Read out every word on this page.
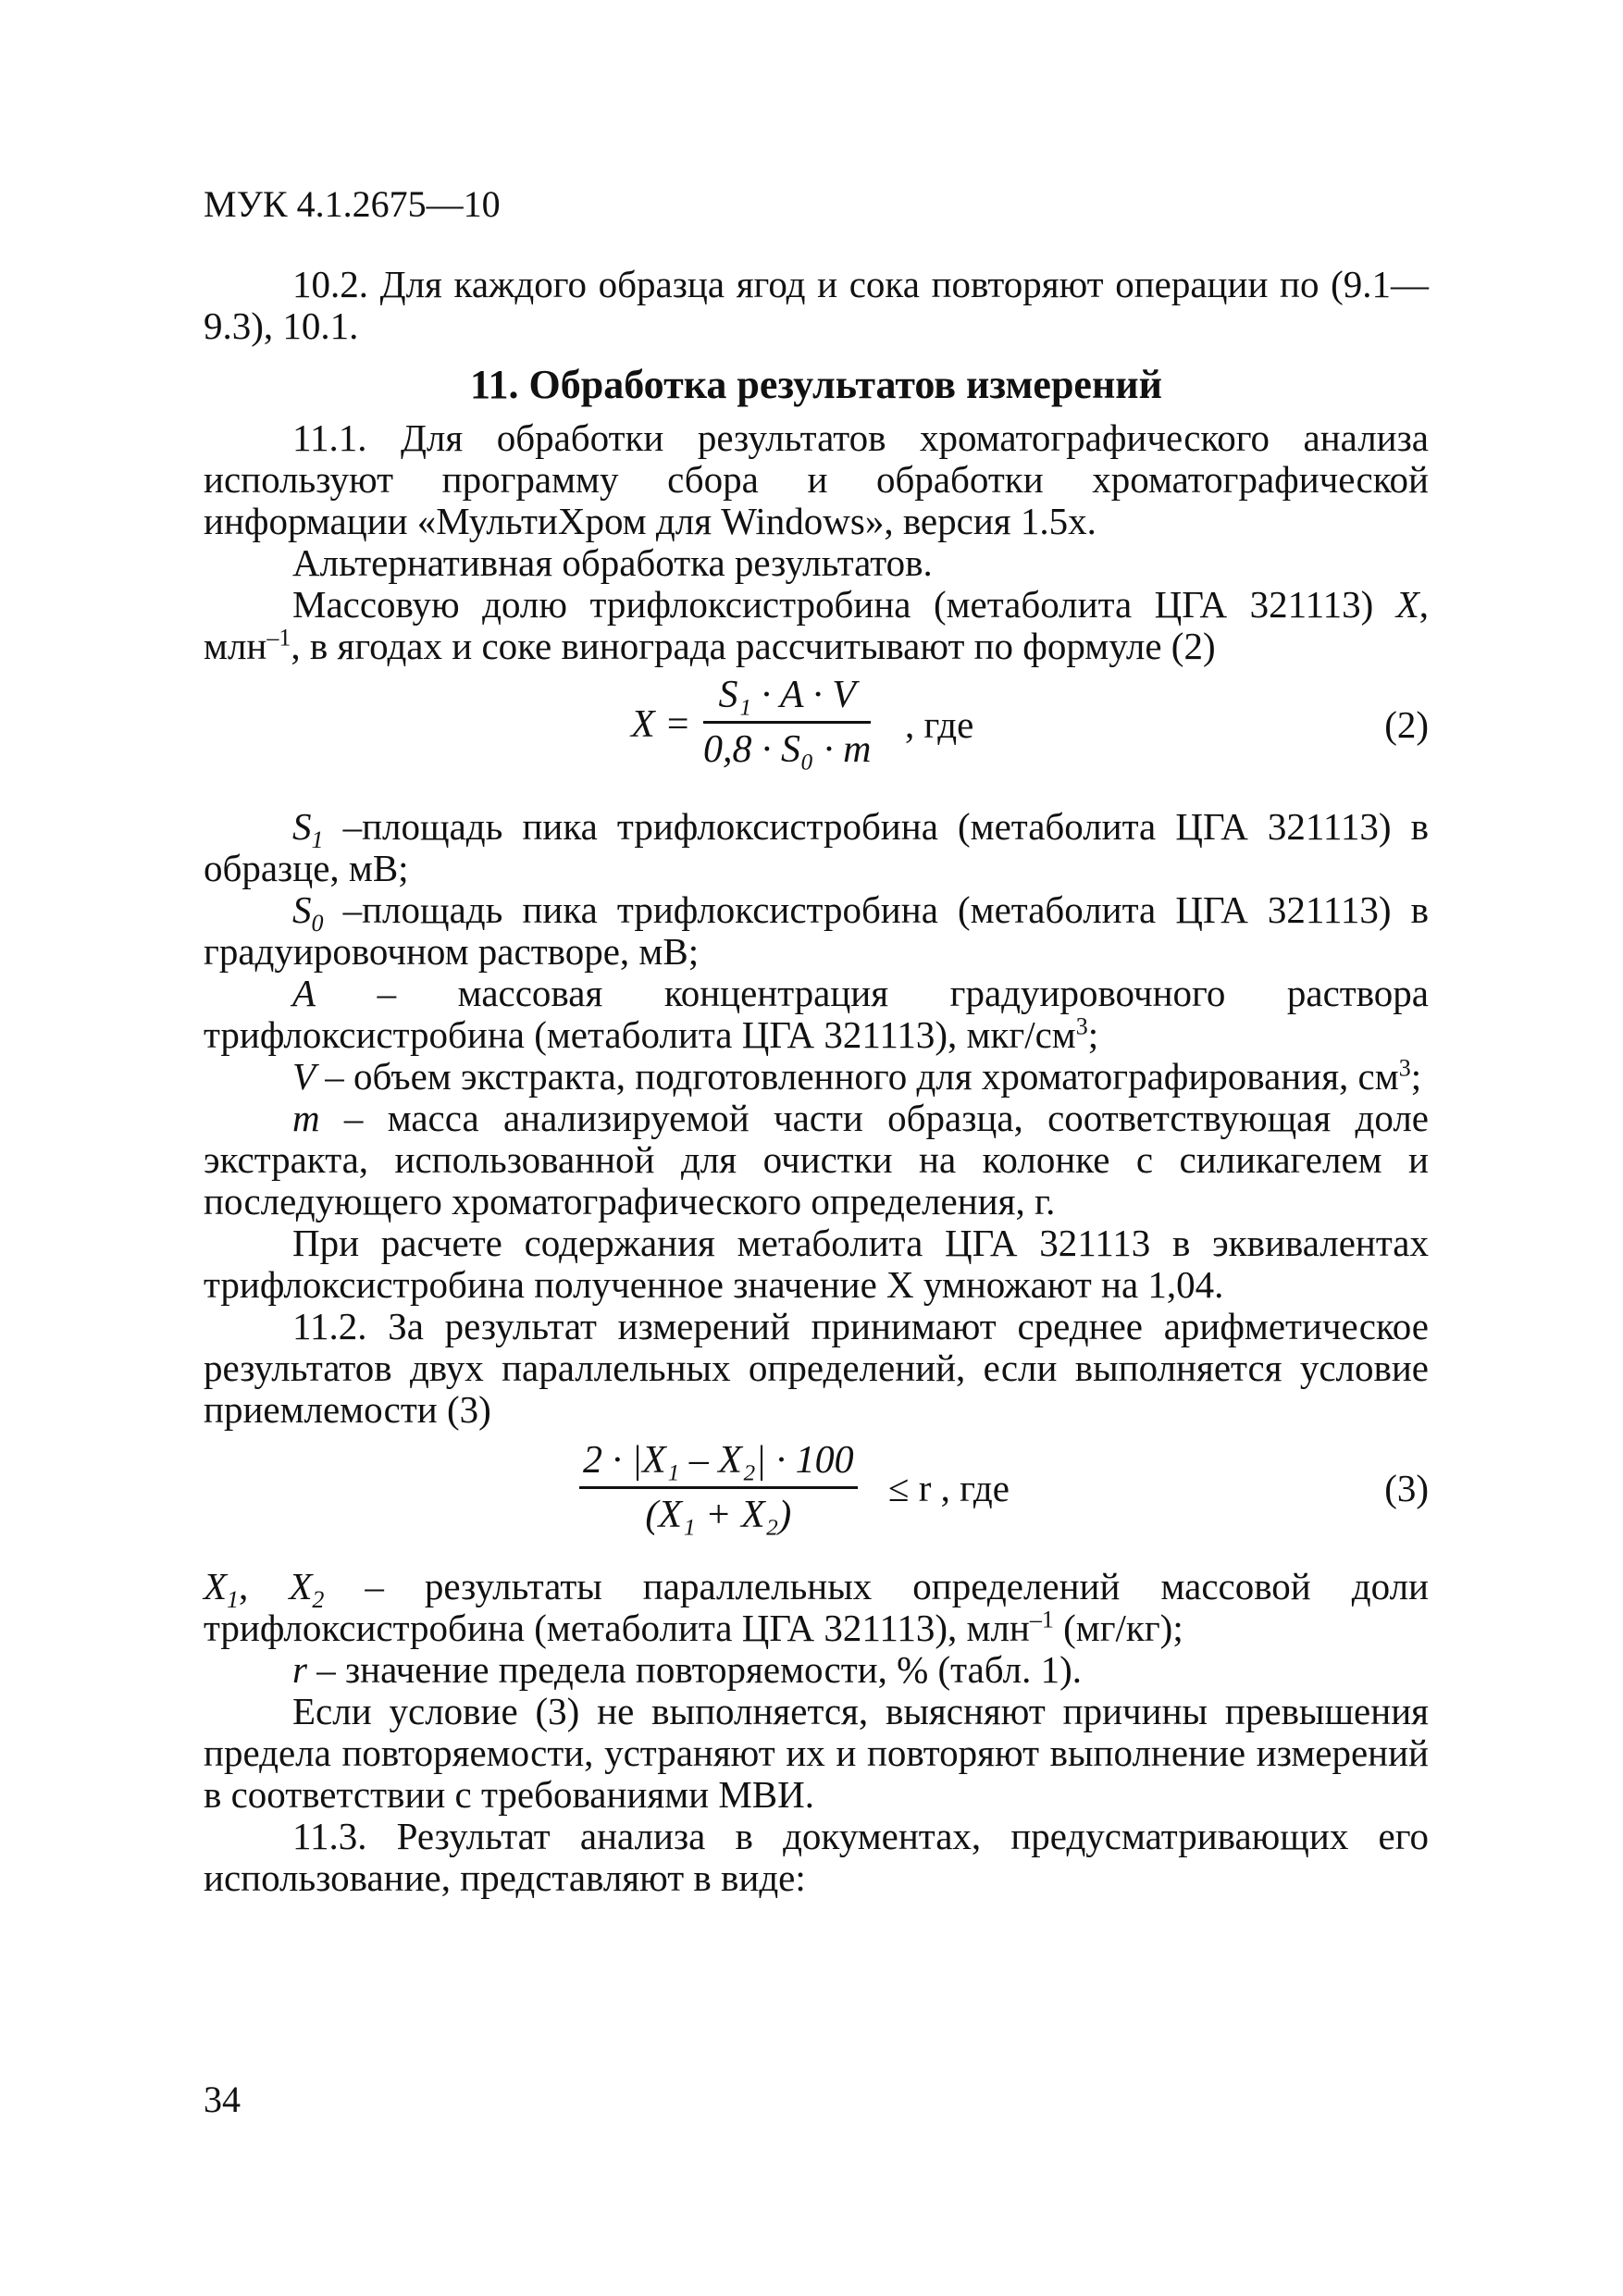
МУК 4.1.2675—10

10.2. Для каждого образца ягод и сока повторяют операции по (9.1—9.3), 10.1.

11. Обработка результатов измерений

11.1. Для обработки результатов хроматографического анализа используют программу сбора и обработки хроматографической информации «МультиХром для Windows», версия 1.5x.

Альтернативная обработка результатов.

Массовую долю трифлоксистробина (метаболита ЦГА 321113) X, млн$^{-1}$, в ягодах и соке винограда рассчитывают по формуле (2)

X =
S₁ · A · V
0,8 · S₀ · m
, где	(2)

$S_1$ –площадь пика трифлоксистробина (метаболита ЦГА 321113) в образце, мВ;

$S_0$ –площадь пика трифлоксистробина (метаболита ЦГА 321113) в градуировочном растворе, мВ;

A – массовая концентрация градуировочного раствора трифлоксистробина (метаболита ЦГА 321113), мкг/$см^3$;

V – объем экстракта, подготовленного для хроматографирования, $см^3$;

m – масса анализируемой части образца, соответствующая доле экстракта, использованной для очистки на колонке с силикагелем и последующего хроматографического определения, г.

При расчете содержания метаболита ЦГА 321113 в эквивалентах трифлоксистробина полученное значение X умножают на 1,04.

11.2. За результат измерений принимают среднее арифметическое результатов двух параллельных определений, если выполняется условие приемлемости (3)

2 · |X₁ – X₂| · 100
(X₁ + X₂)
≤ r , где	(3)

$X_1$, $X_2$ – результаты параллельных определений массовой доли трифлоксистробина (метаболита ЦГА 321113), млн$^{-1}$ (мг/кг);

r – значение предела повторяемости, % (табл. 1).

Если условие (3) не выполняется, выясняют причины превышения предела повторяемости, устраняют их и повторяют выполнение измерений в соответствии с требованиями МВИ.

11.3. Результат анализа в документах, предусматривающих его использование, представляют в виде:

34
